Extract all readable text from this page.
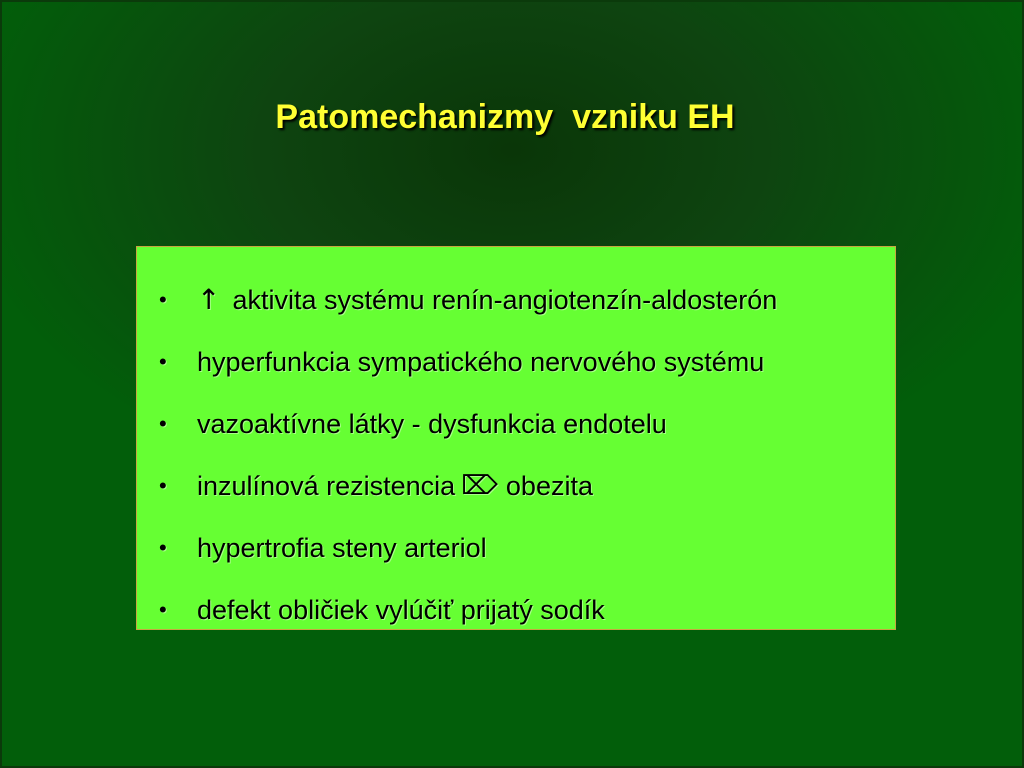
Patomechanizmy  vzniku EH
•	↑ aktivita systému renín-angiotenzín-aldosterón
•	hyperfunkcia sympatického nervového systému
•	vazoaktívne látky - dysfunkcia endotelu
•	inzulínová rezistencia ⌦ obezita
•	hypertrofia steny arteriol
•	defekt obličiek vylúčiť prijatý sodík
